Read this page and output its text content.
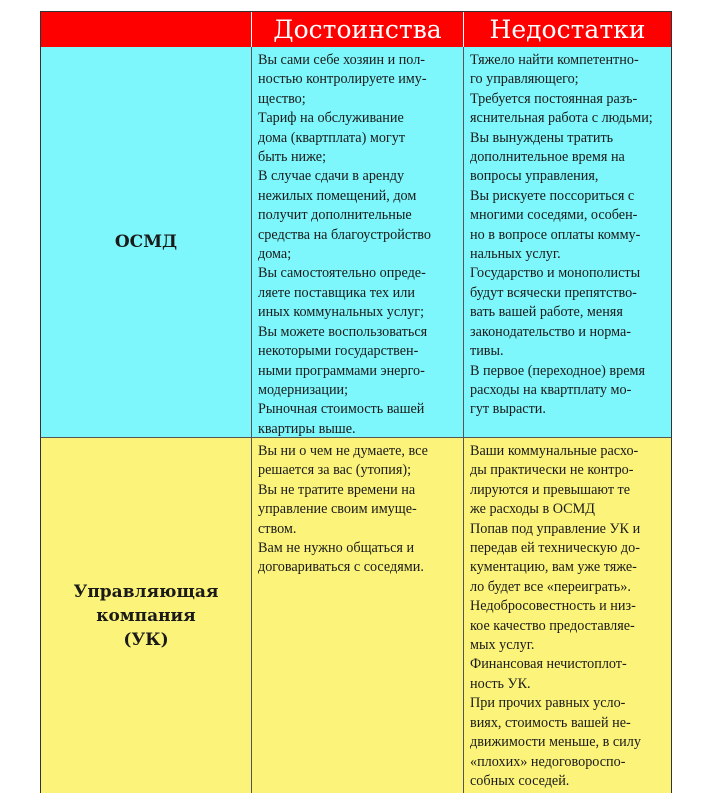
Достоинства	Недостатки
ОСМД

Вы сами себе хозяин и пол-
ностью контролируете иму-
щество;

Тариф на обслуживание
дома (квартплата) могут
быть ниже;

В случае сдачи в аренду
нежилых помещений, дом
получит дополнительные
средства на благоустройство
дома;

Вы самостоятельно опреде-
ляете поставщика тех или
иных коммунальных услуг;

Вы можете воспользоваться
некоторыми государствен-
ными программами энерго-
модернизации;

Рыночная стоимость вашей
квартиры выше.

Тяжело найти компетентно-
го управляющего;

Требуется постоянная разъ-
яснительная работа с людьми;

Вы вынуждены тратить
дополнительное время на
вопросы управления,

Вы рискуете поссориться с
многими соседями, особен-
но в вопросе оплаты комму-
нальных услуг.

Государство и монополисты
будут всячески препятство-
вать вашей работе, меняя
законодательство и норма-
тивы.

В первое (переходное) время
расходы на квартплату мо-
гут вырасти.

Управляющая
компания
(УК)

Вы ни о чем не думаете, все
решается за вас (утопия);

Вы не тратите времени на
управление своим имуще-
ством.

Вам не нужно общаться и
договариваться с соседями.

Ваши коммунальные расхо-
ды практически не контро-
лируются и превышают те
же расходы в ОСМД

Попав под управление УК и
передав ей техническую до-
кументацию, вам уже тяже-
ло будет все «переиграть».

Недобросовестность и низ-
кое качество предоставляе-
мых услуг.

Финансовая нечистоплот-
ность УК.

При прочих равных усло-
виях, стоимость вашей не-
движимости меньше, в силу
«плохих» недоговороспо-
собных соседей.
